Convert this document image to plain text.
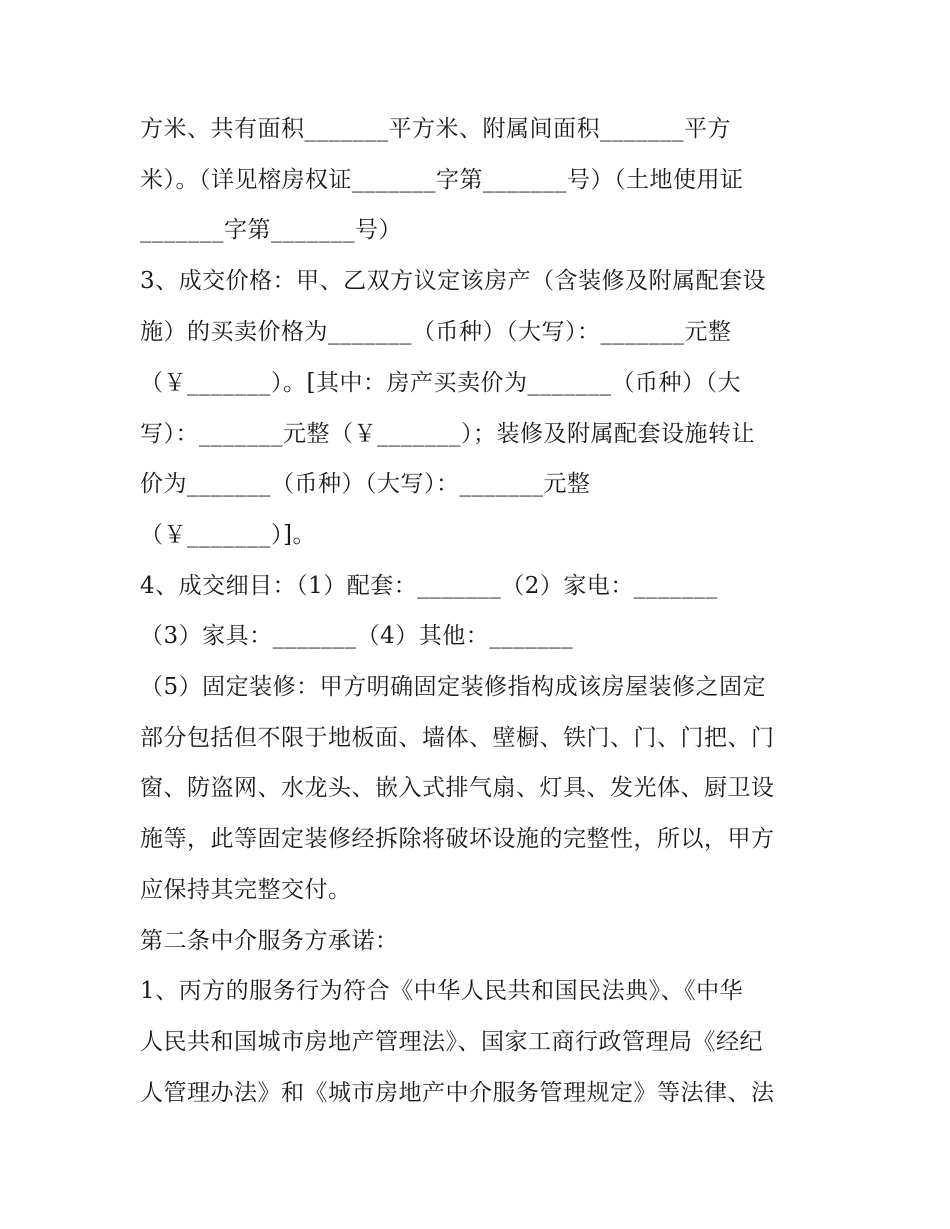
方米、共有面积_______平方米、附属间面积_______平方

米）。（详见榕房权证_______字第_______号）（土地使用证

_______字第_______号）

3、成交价格：甲、乙双方议定该房产（含装修及附属配套设

施）的买卖价格为_______（币种）（大写）：_______元整

（￥_______）。[其中：房产买卖价为_______（币种）（大

写）：_______元整（￥_______）；装修及附属配套设施转让

价为_______（币种）（大写）：_______元整

（￥_______）]。

4、成交细目：（1）配套：_______（2）家电：_______

（3）家具：_______（4）其他：_______

（5）固定装修：甲方明确固定装修指构成该房屋装修之固定

部分包括但不限于地板面、墙体、壁橱、铁门、门、门把、门

窗、防盗网、水龙头、嵌入式排气扇、灯具、发光体、厨卫设

施等，此等固定装修经拆除将破坏设施的完整性，所以，甲方

应保持其完整交付。

第二条中介服务方承诺：

1、丙方的服务行为符合《中华人民共和国民法典》、《中华

人民共和国城市房地产管理法》、国家工商行政管理局《经纪

人管理办法》和《城市房地产中介服务管理规定》等法律、法
